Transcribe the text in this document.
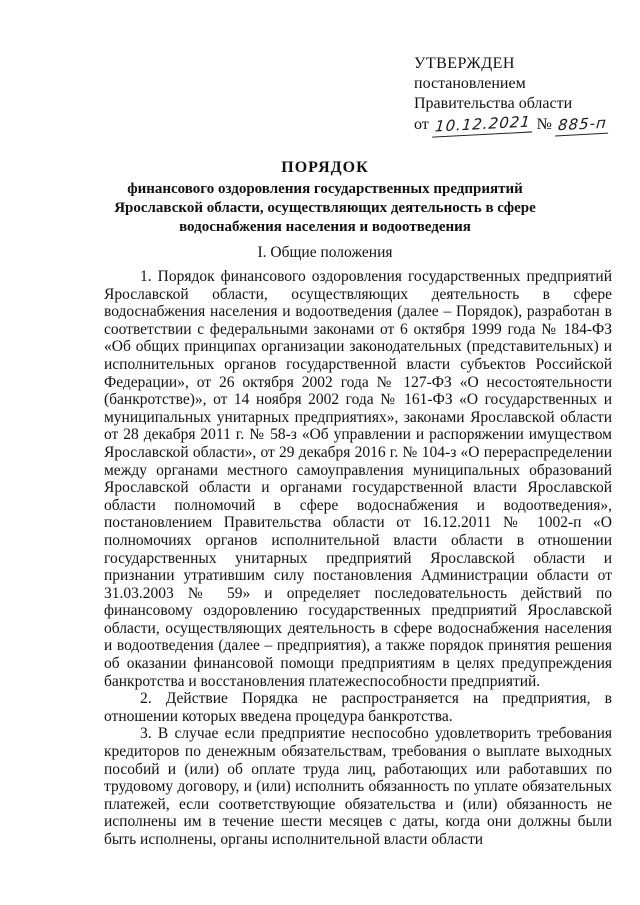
УТВЕРЖДЕН
постановлением
Правительства области
от 10.12.2021 № 885-п
ПОРЯДОК
финансового оздоровления государственных предприятий Ярославской области, осуществляющих деятельность в сфере водоснабжения населения и водоотведения
I. Общие положения

1. Порядок финансового оздоровления государственных предприятий Ярославской области, осуществляющих деятельность в сфере водоснабжения населения и водоотведения (далее – Порядок), разработан в соответствии с федеральными законами от 6 октября 1999 года № 184-ФЗ «Об общих принципах организации законодательных (представительных) и исполнительных органов государственной власти субъектов Российской Федерации», от 26 октября 2002 года № 127-ФЗ «О несостоятельности (банкротстве)», от 14 ноября 2002 года № 161-ФЗ «О государственных и муниципальных унитарных предприятиях», законами Ярославской области от 28 декабря 2011 г. № 58-з «Об управлении и распоряжении имуществом Ярославской области», от 29 декабря 2016 г. № 104-з «О перераспределении между органами местного самоуправления муниципальных образований Ярославской области и органами государственной власти Ярославской области полномочий в сфере водоснабжения и водоотведения», постановлением Правительства области от 16.12.2011 № 1002-п «О полномочиях органов исполнительной власти области в отношении государственных унитарных предприятий Ярославской области и признании утратившим силу постановления Администрации области от 31.03.2003 № 59» и определяет последовательность действий по финансовому оздоровлению государственных предприятий Ярославской области, осуществляющих деятельность в сфере водоснабжения населения и водоотведения (далее – предприятия), а также порядок принятия решения об оказании финансовой помощи предприятиям в целях предупреждения банкротства и восстановления платежеспособности предприятий.

2. Действие Порядка не распространяется на предприятия, в отношении которых введена процедура банкротства.

3. В случае если предприятие неспособно удовлетворить требования кредиторов по денежным обязательствам, требования о выплате выходных пособий и (или) об оплате труда лиц, работающих или работавших по трудовому договору, и (или) исполнить обязанность по уплате обязательных платежей, если соответствующие обязательства и (или) обязанность не исполнены им в течение шести месяцев с даты, когда они должны были быть исполнены, органы исполнительной власти области
